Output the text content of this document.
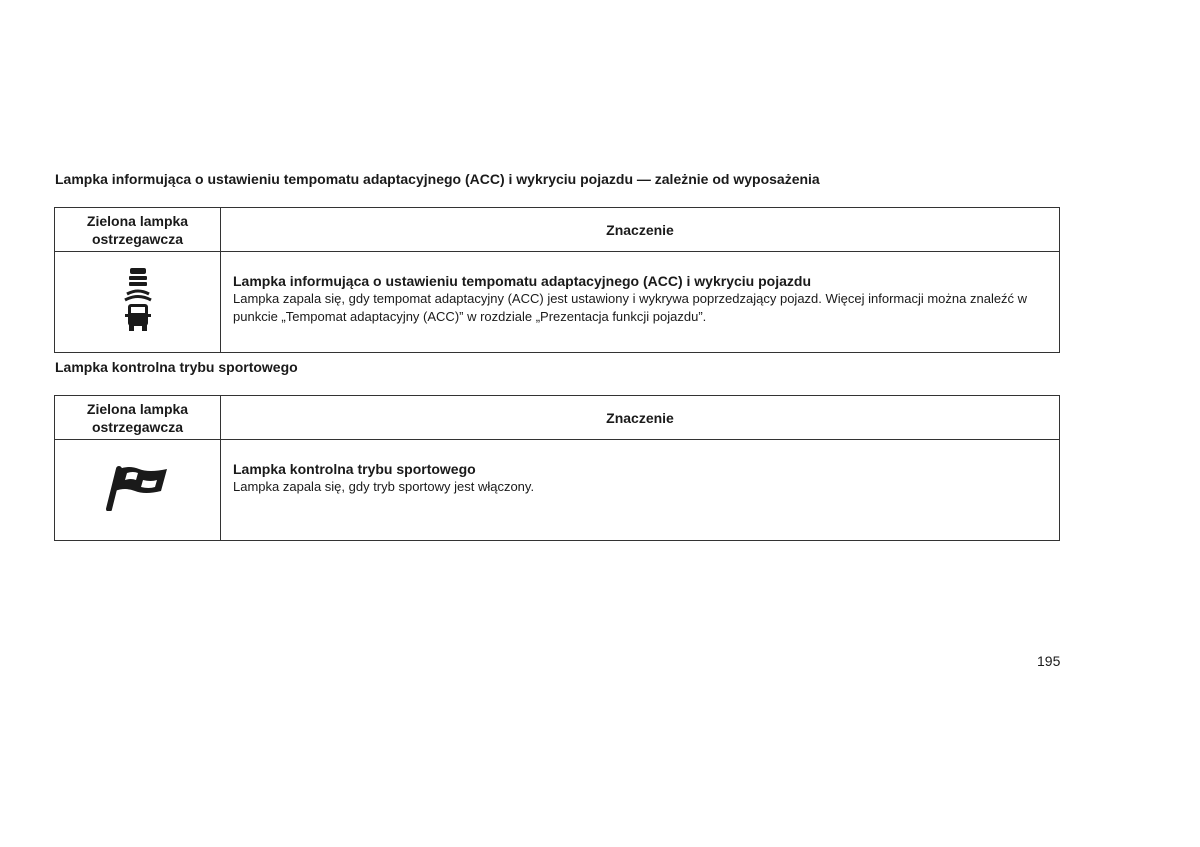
Lampka informująca o ustawieniu tempomatu adaptacyjnego (ACC) i wykryciu pojazdu — zależnie od wyposażenia
Zielona lampka ostrzegawcza	Znaczenie

Lampka informująca o ustawieniu tempomatu adaptacyjnego (ACC) i wykryciu pojazdu
Lampka zapala się, gdy tempomat adaptacyjny (ACC) jest ustawiony i wykrywa poprzedzający pojazd. Więcej informacji można znaleźć w punkcie „Tempomat adaptacyjny (ACC)” w rozdziale „Prezentacja funkcji pojazdu”.
Lampka kontrolna trybu sportowego
Zielona lampka ostrzegawcza	Znaczenie

Lampka kontrolna trybu sportowego
Lampka zapala się, gdy tryb sportowy jest włączony.
195
